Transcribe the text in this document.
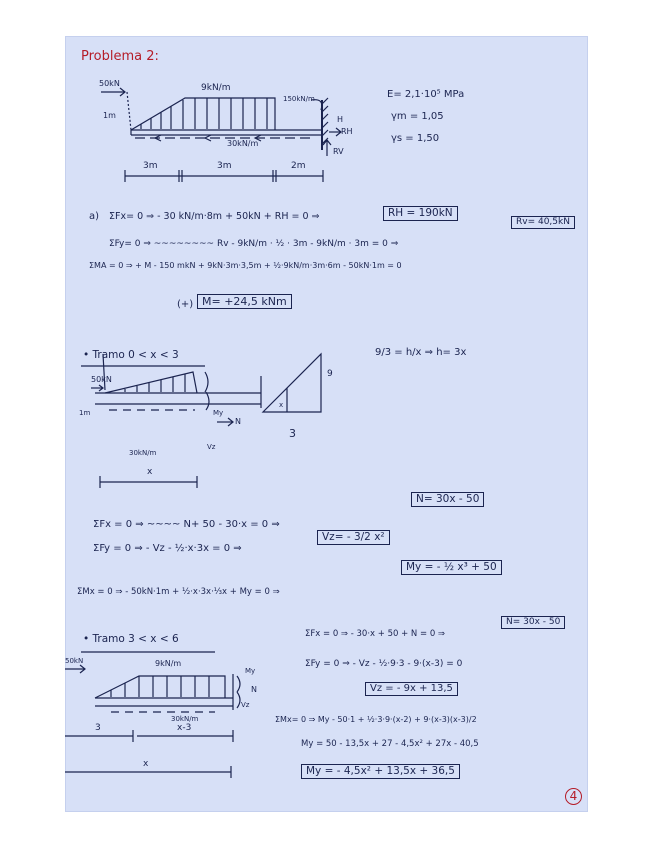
Problema 2:
50kN	9kN/m
150kN/m
1m
30kN/m
H
RH
RV
3m	3m	2m
E= 2,1·10⁵ MPa
γm = 1,05
γs = 1,50
a) ΣFx= 0 ⇒ - 30 kN/m·8m + 50kN + RH = 0 ⇒	RH = 190kN
ΣFy= 0 ⇒ ~~~~~~~~ Rv - 9kN/m · ½ · 3m - 9kN/m · 3m = 0 ⇒
Rv= 40,5kN
ΣMA = 0 ⇒ + M - 150 mkN + 9kN·3m·3,5m + ½·9kN/m·3m·6m - 50kN·1m = 0
(+) M= +24,5 kNm
• Tramo 0 < x < 3
50kN
1m
30kN/m
My
N
Vz
x
9
3
x
9/3 = h/x ⇒ h= 3x
ΣFx = 0 ⇒ ~~~~ N+ 50 - 30·x = 0 ⇒
N= 30x - 50
ΣFy = 0 ⇒ - Vz - ½·x·3x = 0 ⇒
Vz= - 3/2 x²
ΣMx = 0 ⇒ - 50kN·1m + ½·x·3x·⅓x + My = 0 ⇒
My = - ½ x³ + 50
• Tramo 3 < x < 6
50kN	9kN/m
30kN/m
My
N
Vz
3	x-3
x
ΣFx = 0 ⇒ - 30·x + 50 + N = 0 ⇒
N= 30x - 50
ΣFy = 0 ⇒ - Vz - ½·9·3 - 9·(x-3) = 0
Vz = - 9x + 13,5
ΣMx= 0 ⇒ My - 50·1 + ½·3·9·(x-2) + 9·(x-3)(x-3)/2
My = 50 - 13,5x + 27 - 4,5x² + 27x - 40,5
My = - 4,5x² + 13,5x + 36,5
4
